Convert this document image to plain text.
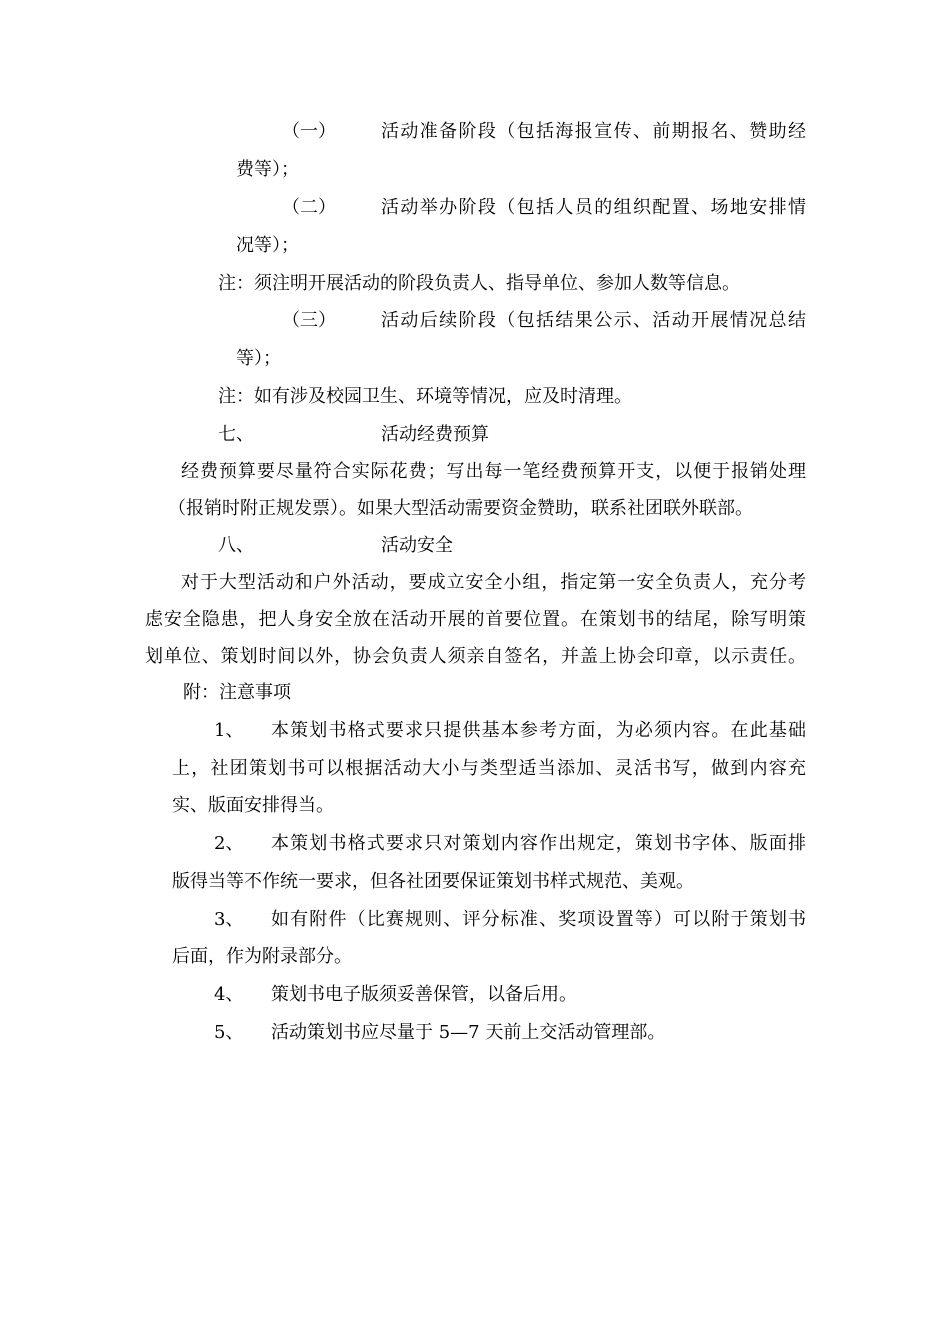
（一）	活动准备阶段（包括海报宣传、前期报名、赞助经
费等）；
（二）	活动举办阶段（包括人员的组织配置、场地安排情
况等）；
注：须注明开展活动的阶段负责人、指导单位、参加人数等信息。
（三）	活动后续阶段（包括结果公示、活动开展情况总结
等）；
注：如有涉及校园卫生、环境等情况，应及时清理。
七、	活动经费预算
经费预算要尽量符合实际花费；写出每一笔经费预算开支，以便于报销处理
（报销时附正规发票）。如果大型活动需要资金赞助，联系社团联外联部。
八、	活动安全
对于大型活动和户外活动，要成立安全小组，指定第一安全负责人，充分考
虑安全隐患，把人身安全放在活动开展的首要位置。在策划书的结尾，除写明策
划单位、策划时间以外，协会负责人须亲自签名，并盖上协会印章，以示责任。
附：注意事项
1、 本策划书格式要求只提供基本参考方面，为必须内容。在此基础
上，社团策划书可以根据活动大小与类型适当添加、灵活书写，做到内容充
实、版面安排得当。
2、 本策划书格式要求只对策划内容作出规定，策划书字体、版面排
版得当等不作统一要求，但各社团要保证策划书样式规范、美观。
3、 如有附件（比赛规则、评分标准、奖项设置等）可以附于策划书
后面，作为附录部分。
4、 策划书电子版须妥善保管，以备后用。
5、 活动策划书应尽量于 5—7 天前上交活动管理部。
